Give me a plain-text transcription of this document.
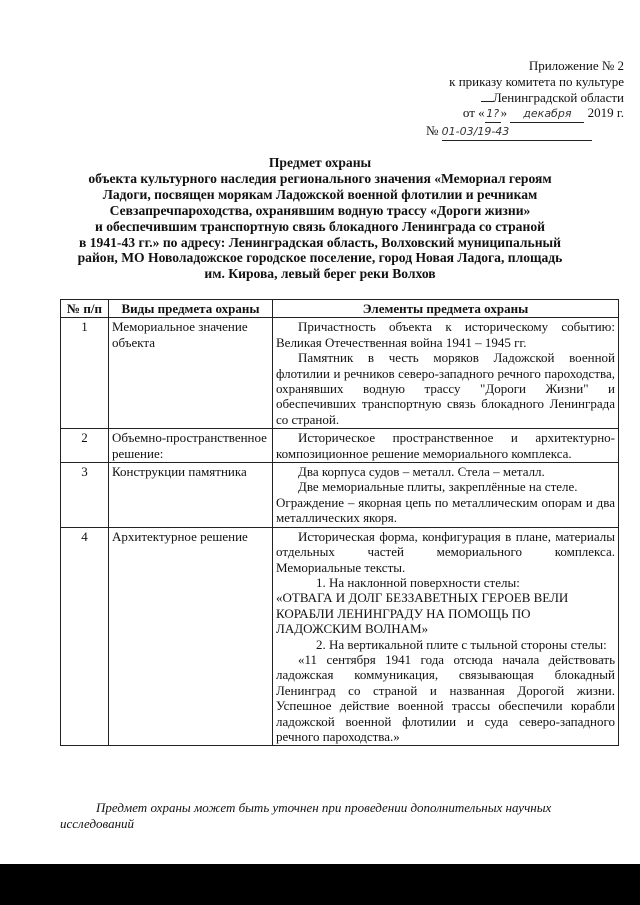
Приложение № 2
к приказу комитета по культуре
Ленинградской области
от « 1? » декабря 2019 г.
№ 01-03/19-43
Предмет охраны
объекта культурного наследия регионального значения «Мемориал героям
Ладоги, посвящен морякам Ладожской военной флотилии и речникам
Севзапречпароходства, охранявшим водную трассу «Дороги жизни»
и обеспечившим транспортную связь блокадного Ленинграда со страной
в 1941-43 гг.» по адресу: Ленинградская область, Волховский муниципальный
район, МО Новоладожское городское поселение, город Новая Ладога, площадь
им. Кирова, левый берег реки Волхов
№ п/п	Виды предмета охраны	Элементы предмета охраны
1	Мемориальное значение объекта	Причастность объекта к историческому событию: Великая Отечественная война 1941 – 1945 гг.

Памятник в честь моряков Ладожской военной флотилии и речников северо-западного речного пароходства, охранявших водную трассу "Дороги Жизни" и обеспечивших транспортную связь блокадного Ленинграда со страной.

2	Объемно-пространственное решение:	Историческое пространственное и архитектурно-композиционное решение мемориального комплекса.

3	Конструкции памятника	Два корпуса судов – металл. Стела – металл.

Две мемориальные плиты, закреплённые на стеле.

Ограждение – якорная цепь по металлическим опорам и два металлических якоря.

4	Архитектурное решение	Историческая форма, конфигурация в плане, материалы отдельных частей мемориального комплекса. Мемориальные тексты.

1. На наклонной поверхности стелы:

«ОТВАГА И ДОЛГ БЕЗЗАВЕТНЫХ ГЕРОЕВ ВЕЛИ КОРАБЛИ ЛЕНИНГРАДУ НА ПОМОЩЬ ПО ЛАДОЖСКИМ ВОЛНАМ»

2. На вертикальной плите с тыльной стороны стелы:

«11 сентября 1941 года отсюда начала действовать ладожская коммуникация, связывающая блокадный Ленинград со страной и названная Дорогой жизни. Успешное действие военной трассы обеспечили корабли ладожской военной флотилии и суда северо-западного речного пароходства.»

Предмет охраны может быть уточнен при проведении дополнительных научных
исследований
